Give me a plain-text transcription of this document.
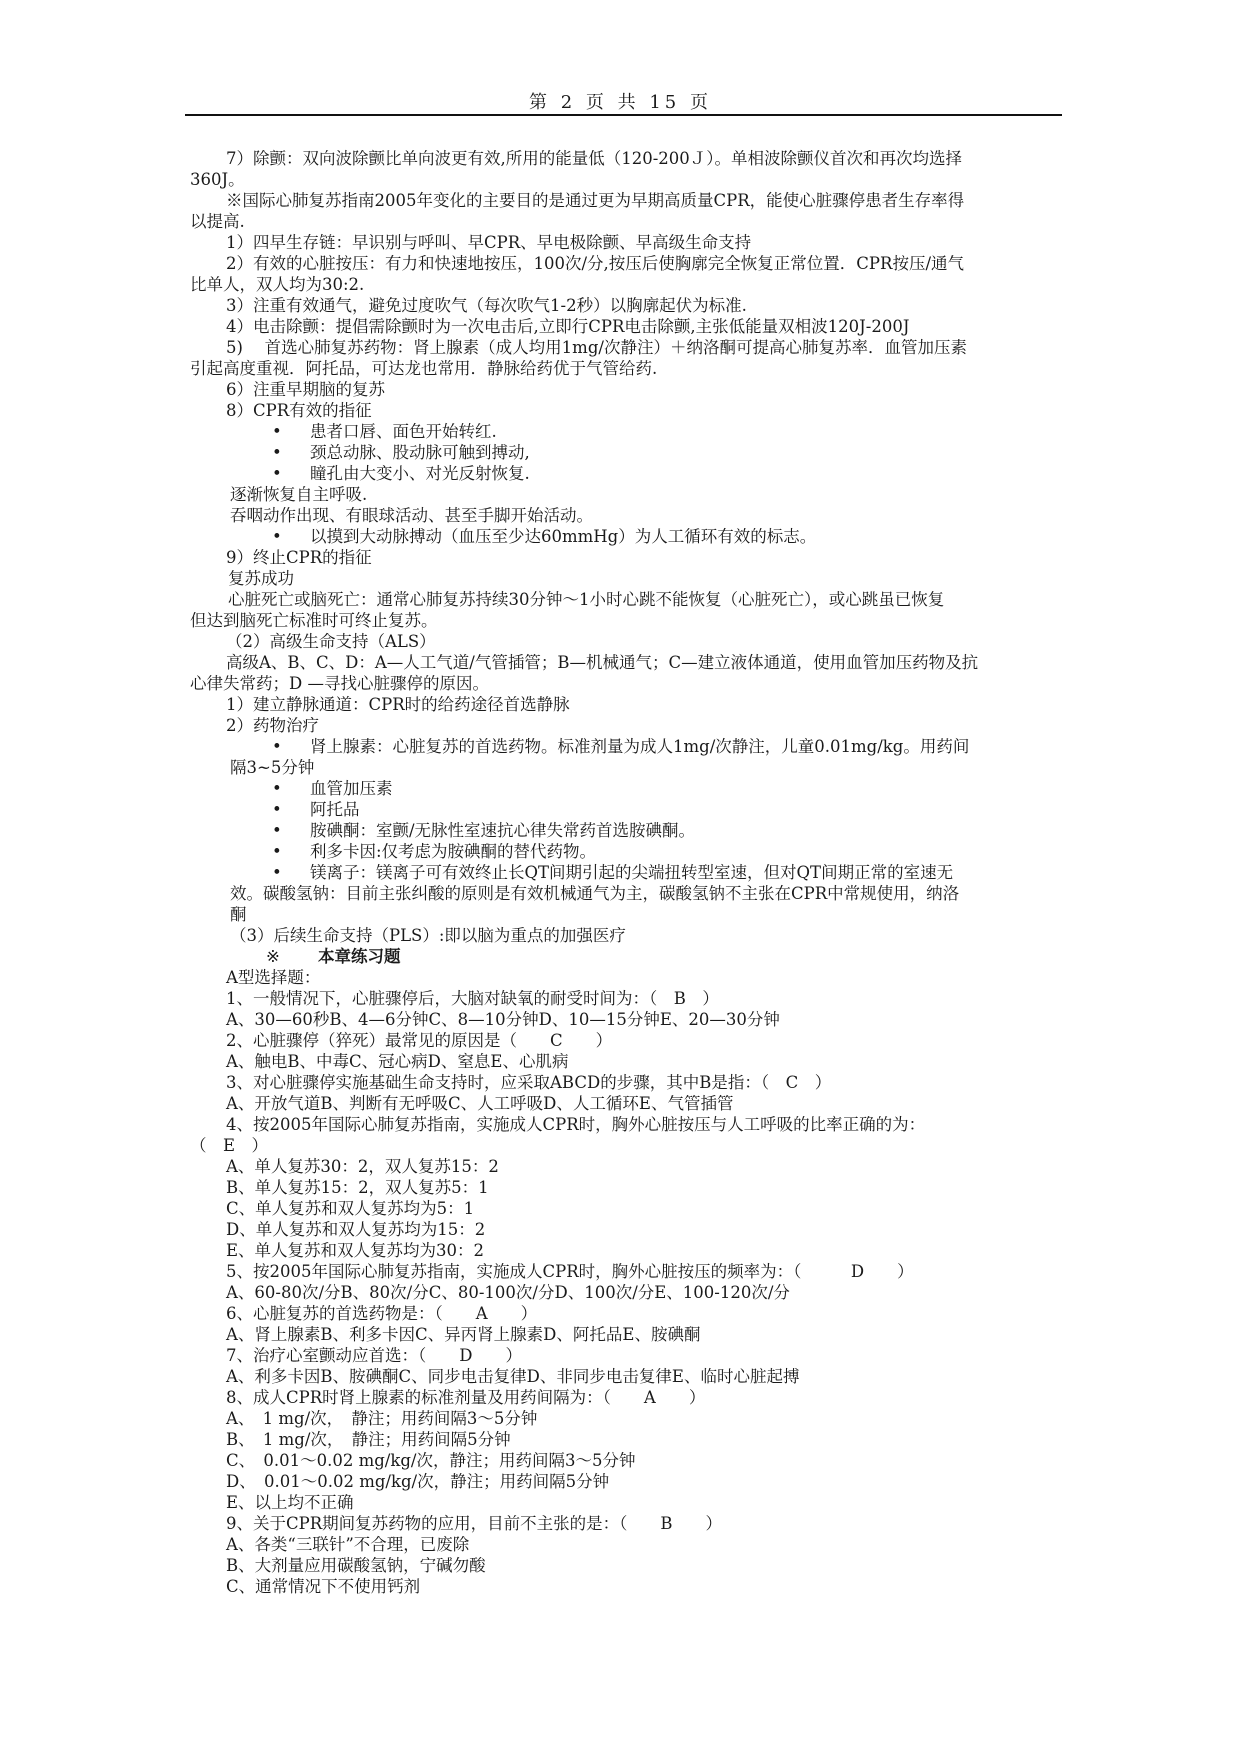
第 2 页 共 15 页
7）除颤：双向波除颤比单向波更有效,所用的能量低（120-200Ｊ）。单相波除颤仪首次和再次均选择
360J。
※国际心肺复苏指南2005年变化的主要目的是通过更为早期高质量CPR，能使心脏骤停患者生存率得
以提高.
1）四早生存链：早识别与呼叫、早CPR、早电极除颤、早高级生命支持
2）有效的心脏按压：有力和快速地按压，100次/分,按压后使胸廓完全恢复正常位置．CPR按压/通气
比单人，双人均为30:2.
3）注重有效通气，避免过度吹气（每次吹气1-2秒）以胸廓起伏为标准.
4）电击除颤：提倡需除颤时为一次电击后,立即行CPR电击除颤,主张低能量双相波120J-200J
5)　 首选心肺复苏药物：肾上腺素（成人均用1mg/次静注）＋纳洛酮可提高心肺复苏率．血管加压素
引起高度重视．阿托品，可达龙也常用．静脉给药优于气管给药.
6）注重早期脑的复苏
8）CPR有效的指征
• 患者口唇、面色开始转红.
• 颈总动脉、股动脉可触到搏动,
• 瞳孔由大变小、对光反射恢复.
逐渐恢复自主呼吸.
吞咽动作出现、有眼球活动、甚至手脚开始活动。
• 以摸到大动脉搏动（血压至少达60mmHg）为人工循环有效的标志。
9）终止CPR的指征
复苏成功
心脏死亡或脑死亡：通常心肺复苏持续30分钟～1小时心跳不能恢复（心脏死亡），或心跳虽已恢复
但达到脑死亡标准时可终止复苏。
（2）高级生命支持（ALS）
高级A、B、C、D：A—人工气道/气管插管；B—机械通气；C—建立液体通道，使用血管加压药物及抗
心律失常药；D —寻找心脏骤停的原因。
1）建立静脉通道：CPR时的给药途径首选静脉
2）药物治疗
• 肾上腺素：心脏复苏的首选药物。标准剂量为成人1mg/次静注，儿童0.01mg/kg。用药间
隔3~5分钟
• 血管加压素
• 阿托品
• 胺碘酮：室颤/无脉性室速抗心律失常药首选胺碘酮。
• 利多卡因:仅考虑为胺碘酮的替代药物。
• 镁离子：镁离子可有效终止长QT间期引起的尖端扭转型室速，但对QT间期正常的室速无
效。碳酸氢钠：目前主张纠酸的原则是有效机械通气为主，碳酸氢钠不主张在CPR中常规使用，纳洛
酮
（3）后续生命支持（PLS）:即以脑为重点的加强医疗
※ 本章练习题
A型选择题：
1、一般情况下，心脏骤停后，大脑对缺氧的耐受时间为：（　B　）
A、30—60秒B、4—6分钟C、8—10分钟D、10—15分钟E、20—30分钟
2、心脏骤停（猝死）最常见的原因是（　　C　　）
A、触电B、中毒C、冠心病D、窒息E、心肌病
3、对心脏骤停实施基础生命支持时，应采取ABCD的步骤，其中B是指：（　C　）
A、开放气道B、判断有无呼吸C、人工呼吸D、人工循环E、气管插管
4、按2005年国际心肺复苏指南，实施成人CPR时，胸外心脏按压与人工呼吸的比率正确的为：
（　E　）
A、单人复苏30：2，双人复苏15：2
B、单人复苏15：2，双人复苏5：1
C、单人复苏和双人复苏均为5：1
D、单人复苏和双人复苏均为15：2
E、单人复苏和双人复苏均为30：2
5、按2005年国际心肺复苏指南，实施成人CPR时，胸外心脏按压的频率为：（　　　D　　）
A、60-80次/分B、80次/分C、80-100次/分D、100次/分E、100-120次/分
6、心脏复苏的首选药物是：（　　A　　）
A、肾上腺素B、利多卡因C、异丙肾上腺素D、阿托品E、胺碘酮
7、治疗心室颤动应首选：（　　D　　）
A、利多卡因B、胺碘酮C、同步电击复律D、非同步电击复律E、临时心脏起搏
8、成人CPR时肾上腺素的标准剂量及用药间隔为：（　　A　　）
A、　1 mg/次，　静注；用药间隔3～5分钟
B、　1 mg/次，　静注；用药间隔5分钟
C、　0.01～0.02 mg/kg/次，静注；用药间隔3～5分钟
D、　0.01～0.02 mg/kg/次，静注；用药间隔5分钟
E、以上均不正确
9、关于CPR期间复苏药物的应用，目前不主张的是：（　　B　　）
A、各类“三联针”不合理，已废除
B、大剂量应用碳酸氢钠，宁碱勿酸
C、通常情况下不使用钙剂
